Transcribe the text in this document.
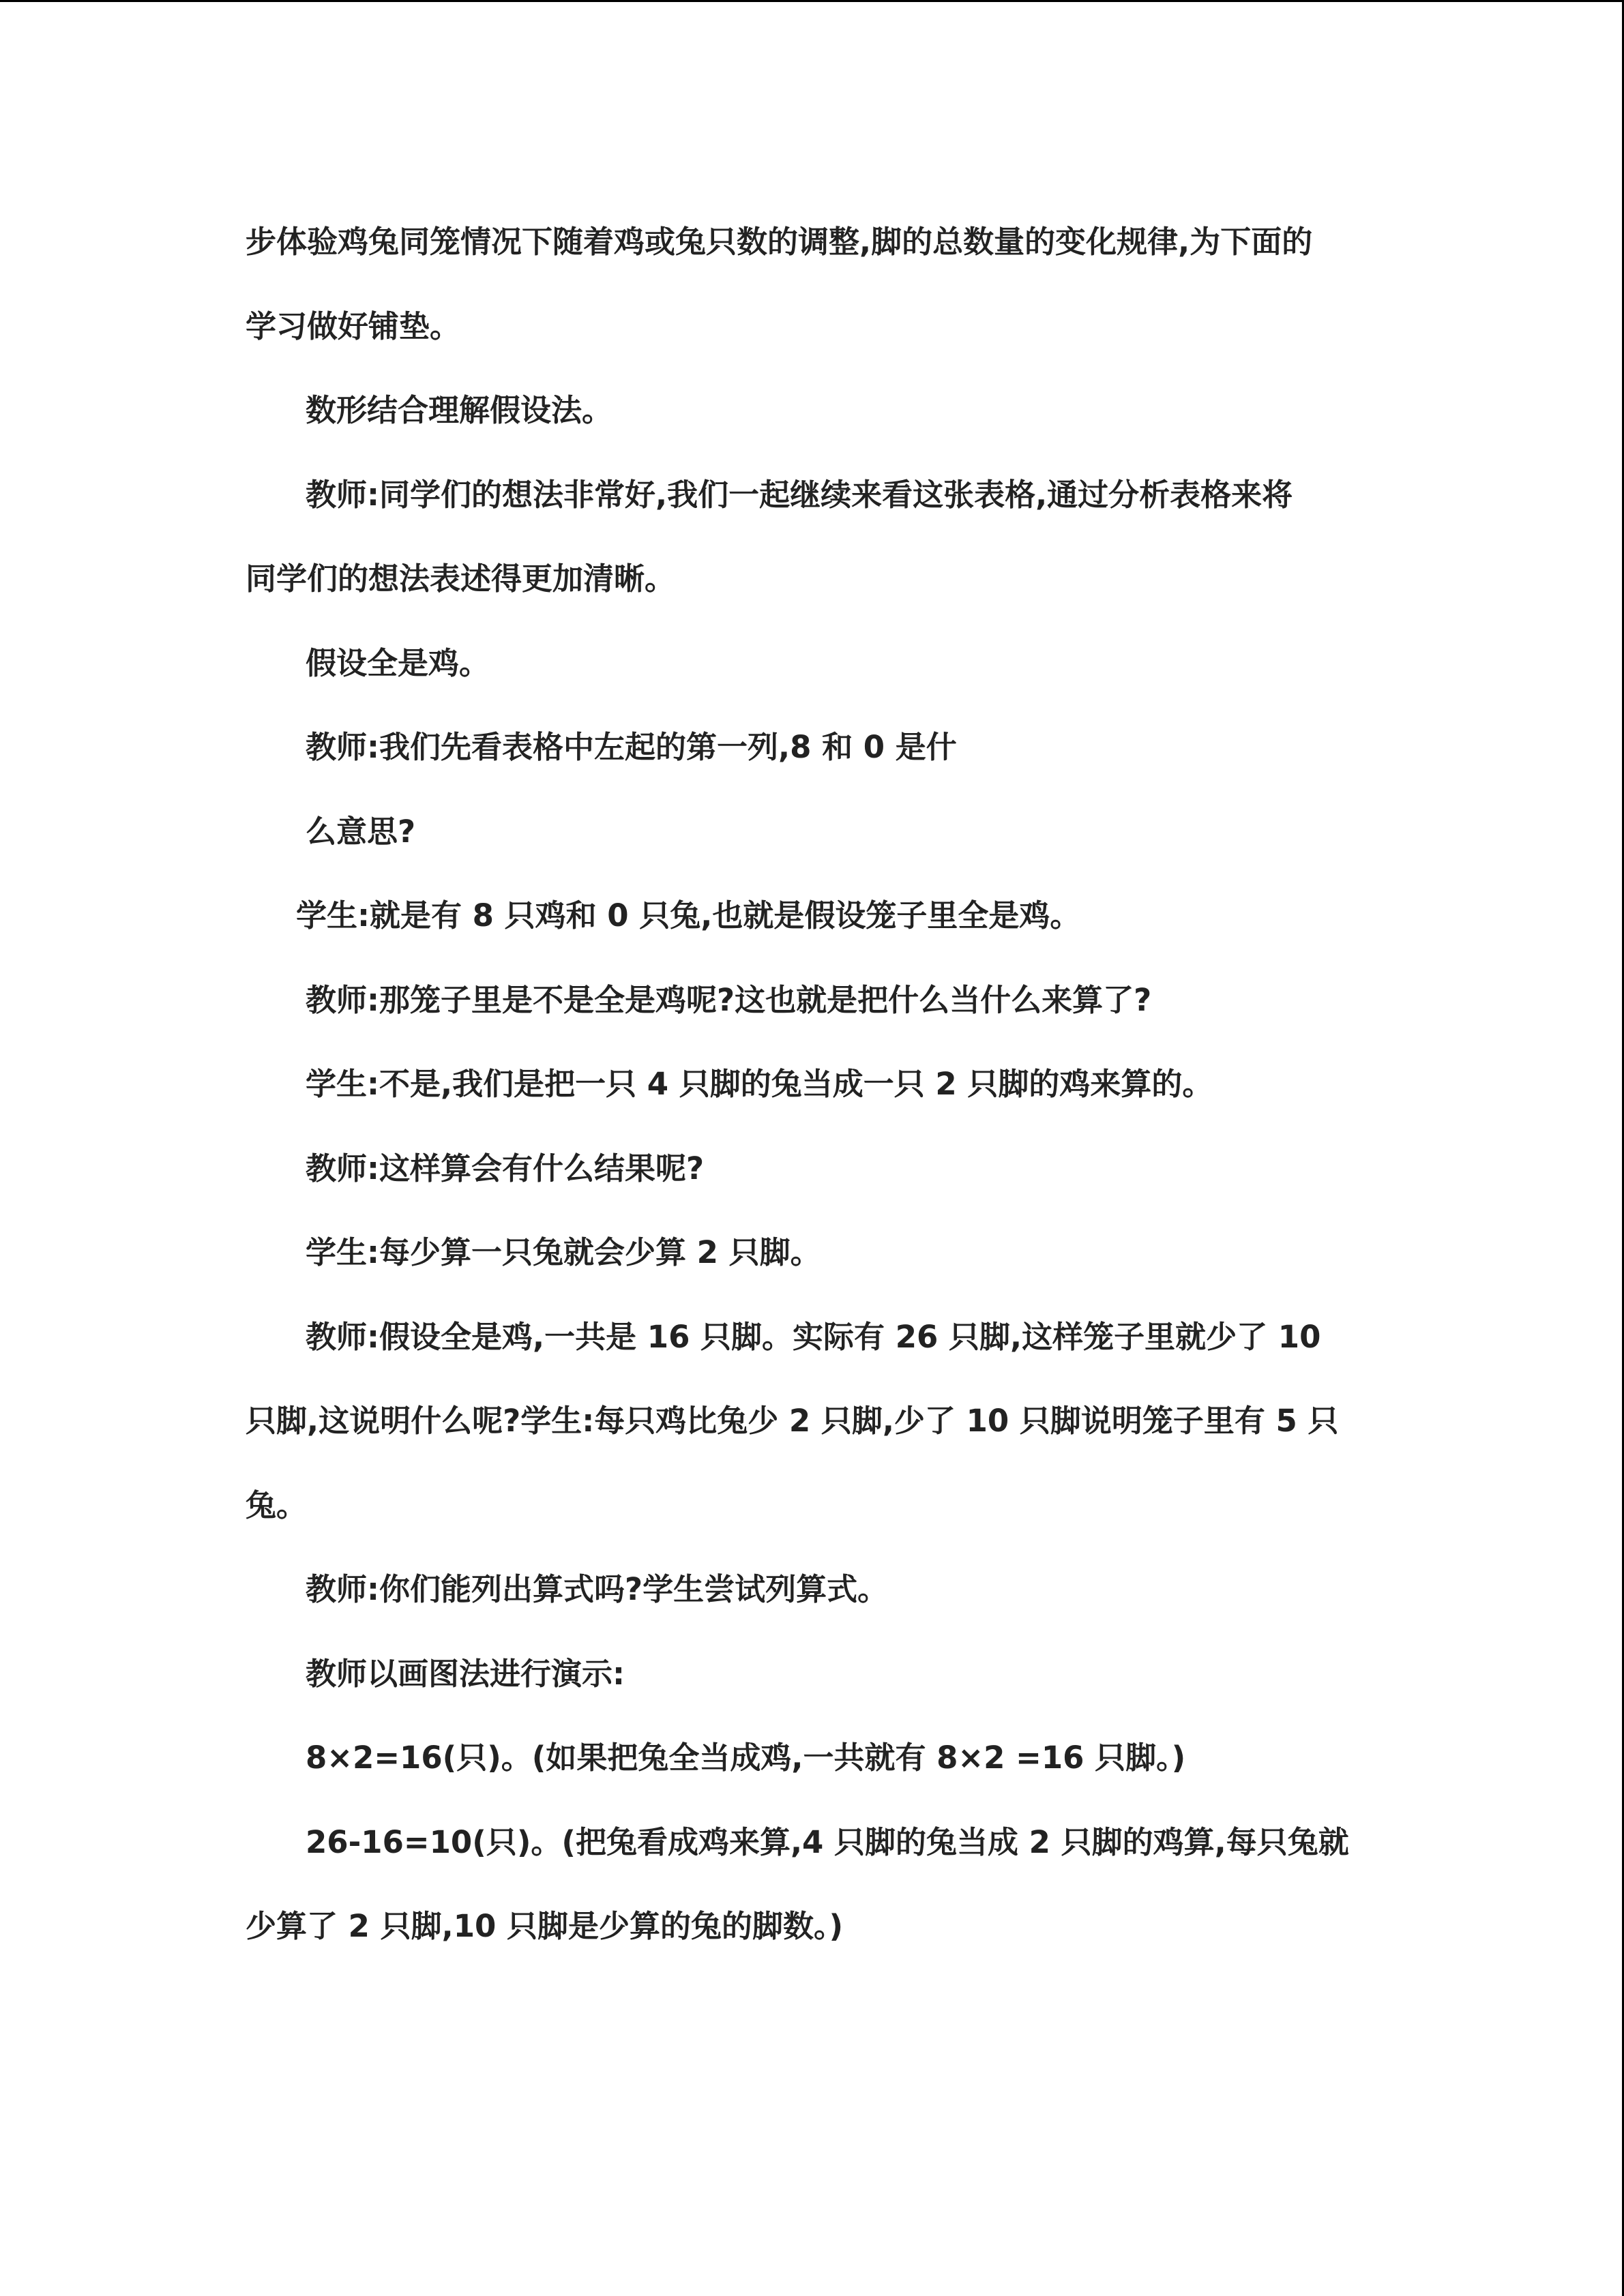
步体验鸡兔同笼情况下随着鸡或兔只数的调整,脚的总数量的变化规律,为下面的
学习做好铺垫。
数形结合理解假设法。
教师:同学们的想法非常好,我们一起继续来看这张表格,通过分析表格来将
同学们的想法表述得更加清晰。
假设全是鸡。
教师:我们先看表格中左起的第一列,8 和 0 是什
么意思?
学生:就是有 8 只鸡和 0 只兔,也就是假设笼子里全是鸡。
教师:那笼子里是不是全是鸡呢?这也就是把什么当什么来算了?
学生:不是,我们是把一只 4 只脚的兔当成一只 2 只脚的鸡来算的。
教师:这样算会有什么结果呢?
学生:每少算一只兔就会少算 2 只脚。
教师:假设全是鸡,一共是 16 只脚。实际有 26 只脚,这样笼子里就少了 10
只脚,这说明什么呢?学生:每只鸡比兔少 2 只脚,少了 10 只脚说明笼子里有 5 只
兔。
教师:你们能列出算式吗?学生尝试列算式。
教师以画图法进行演示:
8×2=16(只)。(如果把兔全当成鸡,一共就有 8×2 =16 只脚。)
26-16=10(只)。(把兔看成鸡来算,4 只脚的兔当成 2 只脚的鸡算,每只兔就
少算了 2 只脚,10 只脚是少算的兔的脚数。)
